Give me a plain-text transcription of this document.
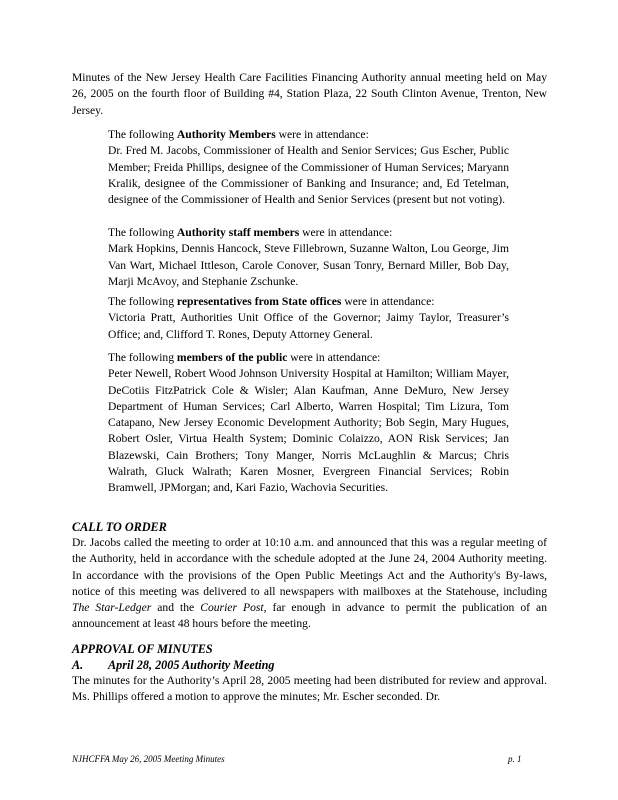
Minutes of the New Jersey Health Care Facilities Financing Authority annual meeting held on May 26, 2005 on the fourth floor of Building #4, Station Plaza, 22 South Clinton Avenue, Trenton, New Jersey.

The following Authority Members were in attendance:
Dr. Fred M. Jacobs, Commissioner of Health and Senior Services; Gus Escher, Public Member; Freida Phillips, designee of the Commissioner of Human Services; Maryann Kralik, designee of the Commissioner of Banking and Insurance; and, Ed Tetelman, designee of the Commissioner of Health and Senior Services (present but not voting).

The following Authority staff members were in attendance:
Mark Hopkins, Dennis Hancock, Steve Fillebrown, Suzanne Walton, Lou George, Jim Van Wart, Michael Ittleson, Carole Conover, Susan Tonry, Bernard Miller, Bob Day, Marji McAvoy, and Stephanie Zschunke.

The following representatives from State offices were in attendance:
Victoria Pratt, Authorities Unit Office of the Governor; Jaimy Taylor, Treasurer’s Office; and, Clifford T. Rones, Deputy Attorney General.

The following members of the public were in attendance:
Peter Newell, Robert Wood Johnson University Hospital at Hamilton; William Mayer, DeCotiis FitzPatrick Cole & Wisler; Alan Kaufman, Anne DeMuro, New Jersey Department of Human Services; Carl Alberto, Warren Hospital; Tim Lizura, Tom Catapano, New Jersey Economic Development Authority; Bob Segin, Mary Hugues, Robert Osler, Virtua Health System; Dominic Colaizzo, AON Risk Services; Jan Blazewski, Cain Brothers; Tony Manger, Norris McLaughlin & Marcus; Chris Walrath, Gluck Walrath; Karen Mosner, Evergreen Financial Services; Robin Bramwell, JPMorgan; and, Kari Fazio, Wachovia Securities.

CALL TO ORDER

Dr. Jacobs called the meeting to order at 10:10 a.m. and announced that this was a regular meeting of the Authority, held in accordance with the schedule adopted at the June 24, 2004 Authority meeting. In accordance with the provisions of the Open Public Meetings Act and the Authority's By-laws, notice of this meeting was delivered to all newspapers with mailboxes at the Statehouse, including The Star-Ledger and the Courier Post, far enough in advance to permit the publication of an announcement at least 48 hours before the meeting.

APPROVAL OF MINUTES
A. April 28, 2005 Authority Meeting

The minutes for the Authority’s April 28, 2005 meeting had been distributed for review and approval. Ms. Phillips offered a motion to approve the minutes; Mr. Escher seconded. Dr.

NJHCFFA May 26, 2005 Meeting Minutes	p. 1
